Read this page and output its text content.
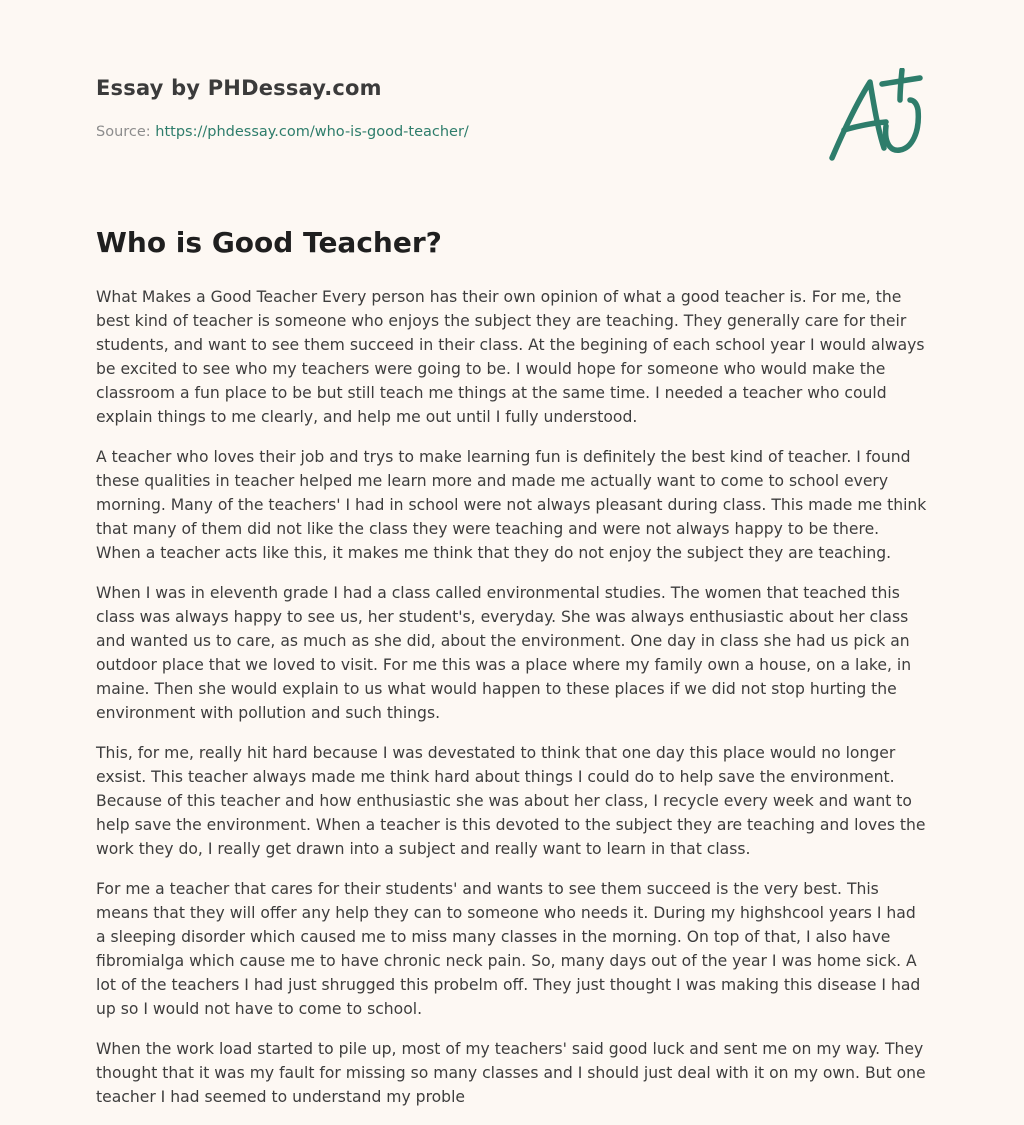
Essay by PHDessay.com
Source: https://phdessay.com/who-is-good-teacher/
Who is Good Teacher?

What Makes a Good Teacher Every person has their own opinion of what a good teacher is. For me, the best kind of teacher is someone who enjoys the subject they are teaching. They generally care for their students, and want to see them succeed in their class. At the begining of each school year I would always be excited to see who my teachers were going to be. I would hope for someone who would make the classroom a fun place to be but still teach me things at the same time. I needed a teacher who could explain things to me clearly, and help me out until I fully understood.

A teacher who loves their job and trys to make learning fun is definitely the best kind of teacher. I found these qualities in teacher helped me learn more and made me actually want to come to school every morning. Many of the teachers' I had in school were not always pleasant during class. This made me think that many of them did not like the class they were teaching and were not always happy to be there. When a teacher acts like this, it makes me think that they do not enjoy the subject they are teaching.

When I was in eleventh grade I had a class called environmental studies. The women that teached this class was always happy to see us, her student's, everyday. She was always enthusiastic about her class and wanted us to care, as much as she did, about the environment. One day in class she had us pick an outdoor place that we loved to visit. For me this was a place where my family own a house, on a lake, in maine. Then she would explain to us what would happen to these places if we did not stop hurting the environment with pollution and such things.

This, for me, really hit hard because I was devestated to think that one day this place would no longer exsist. This teacher always made me think hard about things I could do to help save the environment. Because of this teacher and how enthusiastic she was about her class, I recycle every week and want to help save the environment. When a teacher is this devoted to the subject they are teaching and loves the work they do, I really get drawn into a subject and really want to learn in that class.

For me a teacher that cares for their students' and wants to see them succeed is the very best. This means that they will offer any help they can to someone who needs it. During my highshcool years I had a sleeping disorder which caused me to miss many classes in the morning. On top of that, I also have fibromialga which cause me to have chronic neck pain. So, many days out of the year I was home sick. A lot of the teachers I had just shrugged this probelm off. They just thought I was making this disease I had up so I would not have to come to school.

When the work load started to pile up, most of my teachers' said good luck and sent me on my way. They thought that it was my fault for missing so many classes and I should just deal with it on my own. But one teacher I had seemed to understand my proble
